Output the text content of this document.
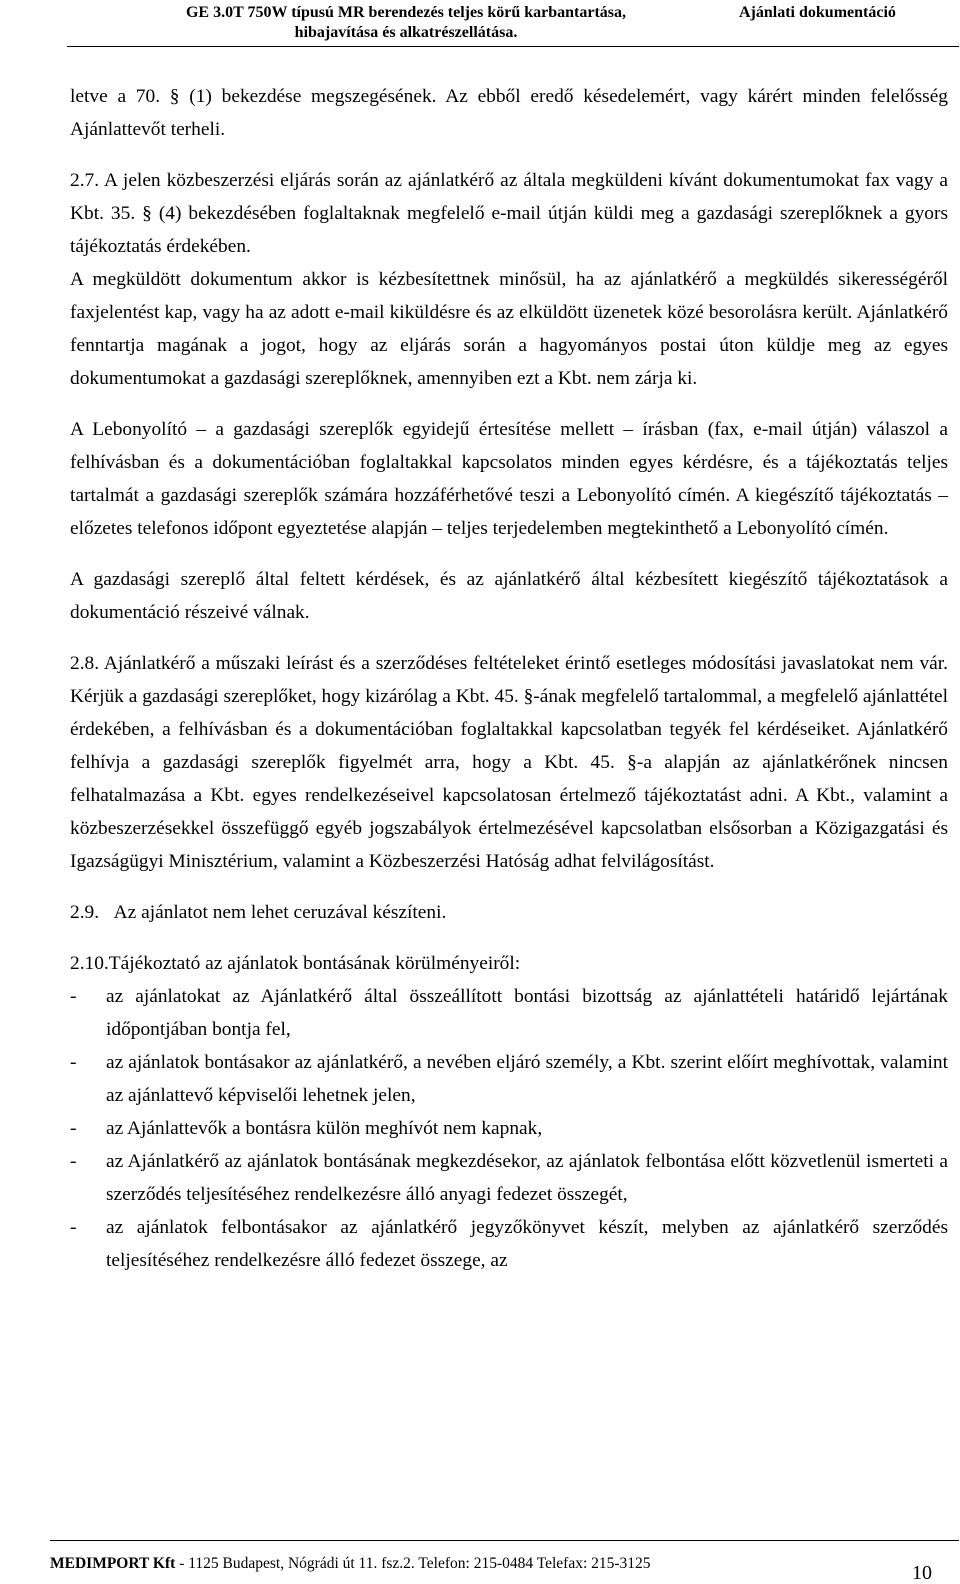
GE 3.0T 750W típusú MR berendezés teljes körű karbantartása,
hibajavítása és alkatrészellátása.
Ajánlati dokumentáció

letve a 70. § (1) bekezdése megszegésének. Az ebből eredő késedelemért, vagy kárért minden felelősség Ajánlattevőt terheli.

2.7. A jelen közbeszerzési eljárás során az ajánlatkérő az általa megküldeni kívánt dokumentumokat fax vagy a Kbt. 35. § (4) bekezdésében foglaltaknak megfelelő e-mail útján küldi meg a gazdasági szereplőknek a gyors tájékoztatás érdekében.

A megküldött dokumentum akkor is kézbesítettnek minősül, ha az ajánlatkérő a megküldés sikerességéről faxjelentést kap, vagy ha az adott e-mail kiküldésre és az elküldött üzenetek közé besorolásra került. Ajánlatkérő fenntartja magának a jogot, hogy az eljárás során a hagyományos postai úton küldje meg az egyes dokumentumokat a gazdasági szereplőknek, amennyiben ezt a Kbt. nem zárja ki.

A Lebonyolító – a gazdasági szereplők egyidejű értesítése mellett – írásban (fax, e-mail útján) válaszol a felhívásban és a dokumentációban foglaltakkal kapcsolatos minden egyes kérdésre, és a tájékoztatás teljes tartalmát a gazdasági szereplők számára hozzáférhetővé teszi a Lebonyolító címén. A kiegészítő tájékoztatás – előzetes telefonos időpont egyeztetése alapján – teljes terjedelemben megtekinthető a Lebonyolító címén.

A gazdasági szereplő által feltett kérdések, és az ajánlatkérő által kézbesített kiegészítő tájékoztatások a dokumentáció részeivé válnak.

2.8. Ajánlatkérő a műszaki leírást és a szerződéses feltételeket érintő esetleges módosítási javaslatokat nem vár. Kérjük a gazdasági szereplőket, hogy kizárólag a Kbt. 45. §-ának megfelelő tartalommal, a megfelelő ajánlattétel érdekében, a felhívásban és a dokumentációban foglaltakkal kapcsolatban tegyék fel kérdéseiket. Ajánlatkérő felhívja a gazdasági szereplők figyelmét arra, hogy a Kbt. 45. §-a alapján az ajánlatkérőnek nincsen felhatalmazása a Kbt. egyes rendelkezéseivel kapcsolatosan értelmező tájékoztatást adni. A Kbt., valamint a közbeszerzésekkel összefüggő egyéb jogszabályok értelmezésével kapcsolatban elsősorban a Közigazgatási és Igazságügyi Minisztérium, valamint a Közbeszerzési Hatóság adhat felvilágosítást.

2.9. Az ajánlatot nem lehet ceruzával készíteni.

2.10.Tájékoztató az ajánlatok bontásának körülményeiről:

- az ajánlatokat az Ajánlatkérő által összeállított bontási bizottság az ajánlattételi határidő lejártának időpontjában bontja fel,
- az ajánlatok bontásakor az ajánlatkérő, a nevében eljáró személy, a Kbt. szerint előírt meghívottak, valamint az ajánlattevő képviselői lehetnek jelen,
- az Ajánlattevők a bontásra külön meghívót nem kapnak,
- az Ajánlatkérő az ajánlatok bontásának megkezdésekor, az ajánlatok felbontása előtt közvetlenül ismerteti a szerződés teljesítéséhez rendelkezésre álló anyagi fedezet összegét,
- az ajánlatok felbontásakor az ajánlatkérő jegyzőkönyvet készít, melyben az ajánlatkérő szerződés teljesítéséhez rendelkezésre álló fedezet összege, az
MEDIMPORT Kft - 1125 Budapest, Nógrádi út 11. fsz.2. Telefon: 215-0484 Telefax: 215-3125	10
